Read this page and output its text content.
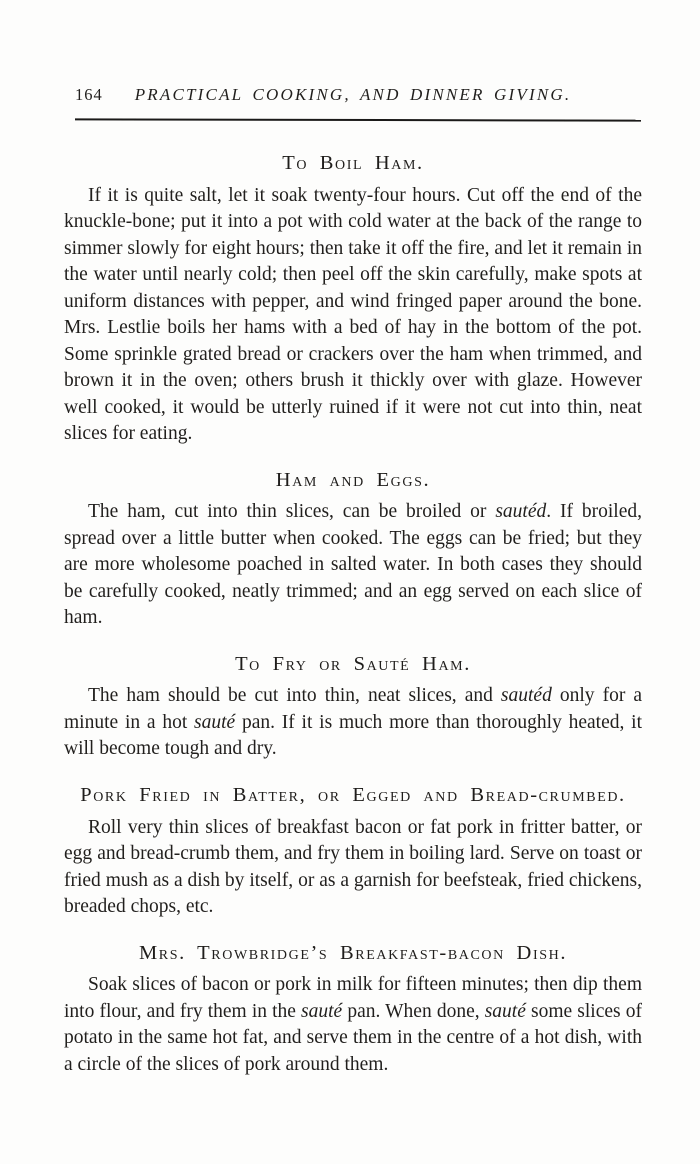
164 PRACTICAL COOKING, AND DINNER GIVING.
To Boil Ham.

If it is quite salt, let it soak twenty-four hours. Cut off the end of the knuckle-bone; put it into a pot with cold water at the back of the range to simmer slowly for eight hours; then take it off the fire, and let it remain in the water until nearly cold; then peel off the skin carefully, make spots at uniform distances with pepper, and wind fringed paper around the bone. Mrs. Lestlie boils her hams with a bed of hay in the bottom of the pot. Some sprinkle grated bread or crackers over the ham when trimmed, and brown it in the oven; others brush it thickly over with glaze. However well cooked, it would be utterly ruined if it were not cut into thin, neat slices for eating.

Ham and Eggs.

The ham, cut into thin slices, can be broiled or sautéd. If broiled, spread over a little butter when cooked. The eggs can be fried; but they are more wholesome poached in salted water. In both cases they should be carefully cooked, neatly trimmed; and an egg served on each slice of ham.

To Fry or Sauté Ham.

The ham should be cut into thin, neat slices, and sautéd only for a minute in a hot sauté pan. If it is much more than thoroughly heated, it will become tough and dry.

Pork Fried in Batter, or Egged and Bread-crumbed.

Roll very thin slices of breakfast bacon or fat pork in fritter batter, or egg and bread-crumb them, and fry them in boiling lard. Serve on toast or fried mush as a dish by itself, or as a garnish for beefsteak, fried chickens, breaded chops, etc.

Mrs. Trowbridge’s Breakfast-bacon Dish.

Soak slices of bacon or pork in milk for fifteen minutes; then dip them into flour, and fry them in the sauté pan. When done, sauté some slices of potato in the same hot fat, and serve them in the centre of a hot dish, with a circle of the slices of pork around them.
